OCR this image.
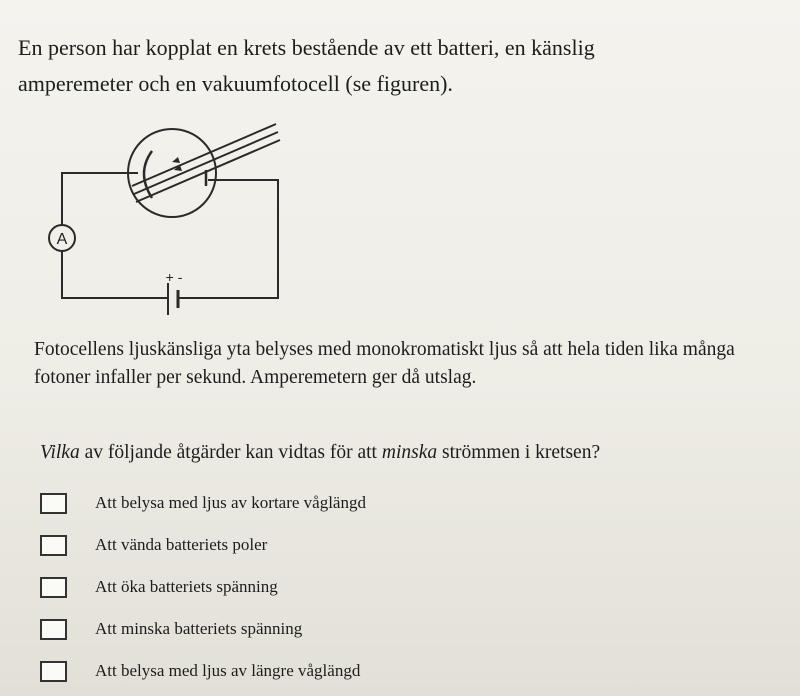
En person har kopplat en krets bestående av ett batteri, en känslig amperemeter och en vakuumfotocell (se figuren).

A
+ -

Fotocellens ljuskänsliga yta belyses med monokromatiskt ljus så att hela tiden lika många fotoner infaller per sekund. Amperemetern ger då utslag.

Vilka av följande åtgärder kan vidtas för att minska strömmen i kretsen?

Att belysa med ljus av kortare våglängd
Att vända batteriets poler
Att öka batteriets spänning
Att minska batteriets spänning
Att belysa med ljus av längre våglängd
